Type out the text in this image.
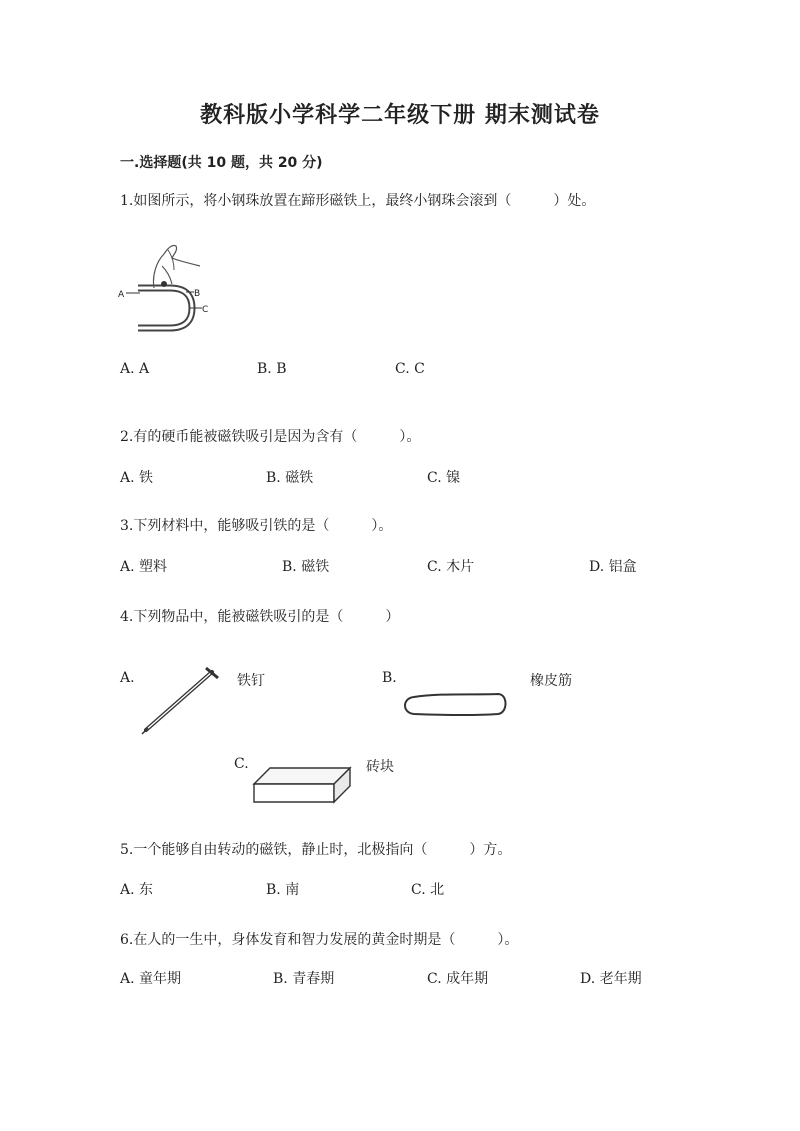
教科版小学科学二年级下册 期末测试卷
一.选择题(共 10 题，共 20 分)
1.如图所示，将小钢珠放置在蹄形磁铁上，最终小钢珠会滚到（　　　）处。
A	B
C
A. A	B. B	C. C
2.有的硬币能被磁铁吸引是因为含有（　　　）。
A. 铁	B. 磁铁	C. 镍
3.下列材料中，能够吸引铁的是（　　　）。
A. 塑料	B. 磁铁	C. 木片	D. 铝盒
4.下列物品中，能被磁铁吸引的是（　　　）
A.	铁钉	B.	橡皮筋
C.	砖块
5.一个能够自由转动的磁铁，静止时，北极指向（　　　）方。
A. 东	B. 南	C. 北
6.在人的一生中，身体发育和智力发展的黄金时期是（　　　）。
A. 童年期	B. 青春期	C. 成年期	D. 老年期
